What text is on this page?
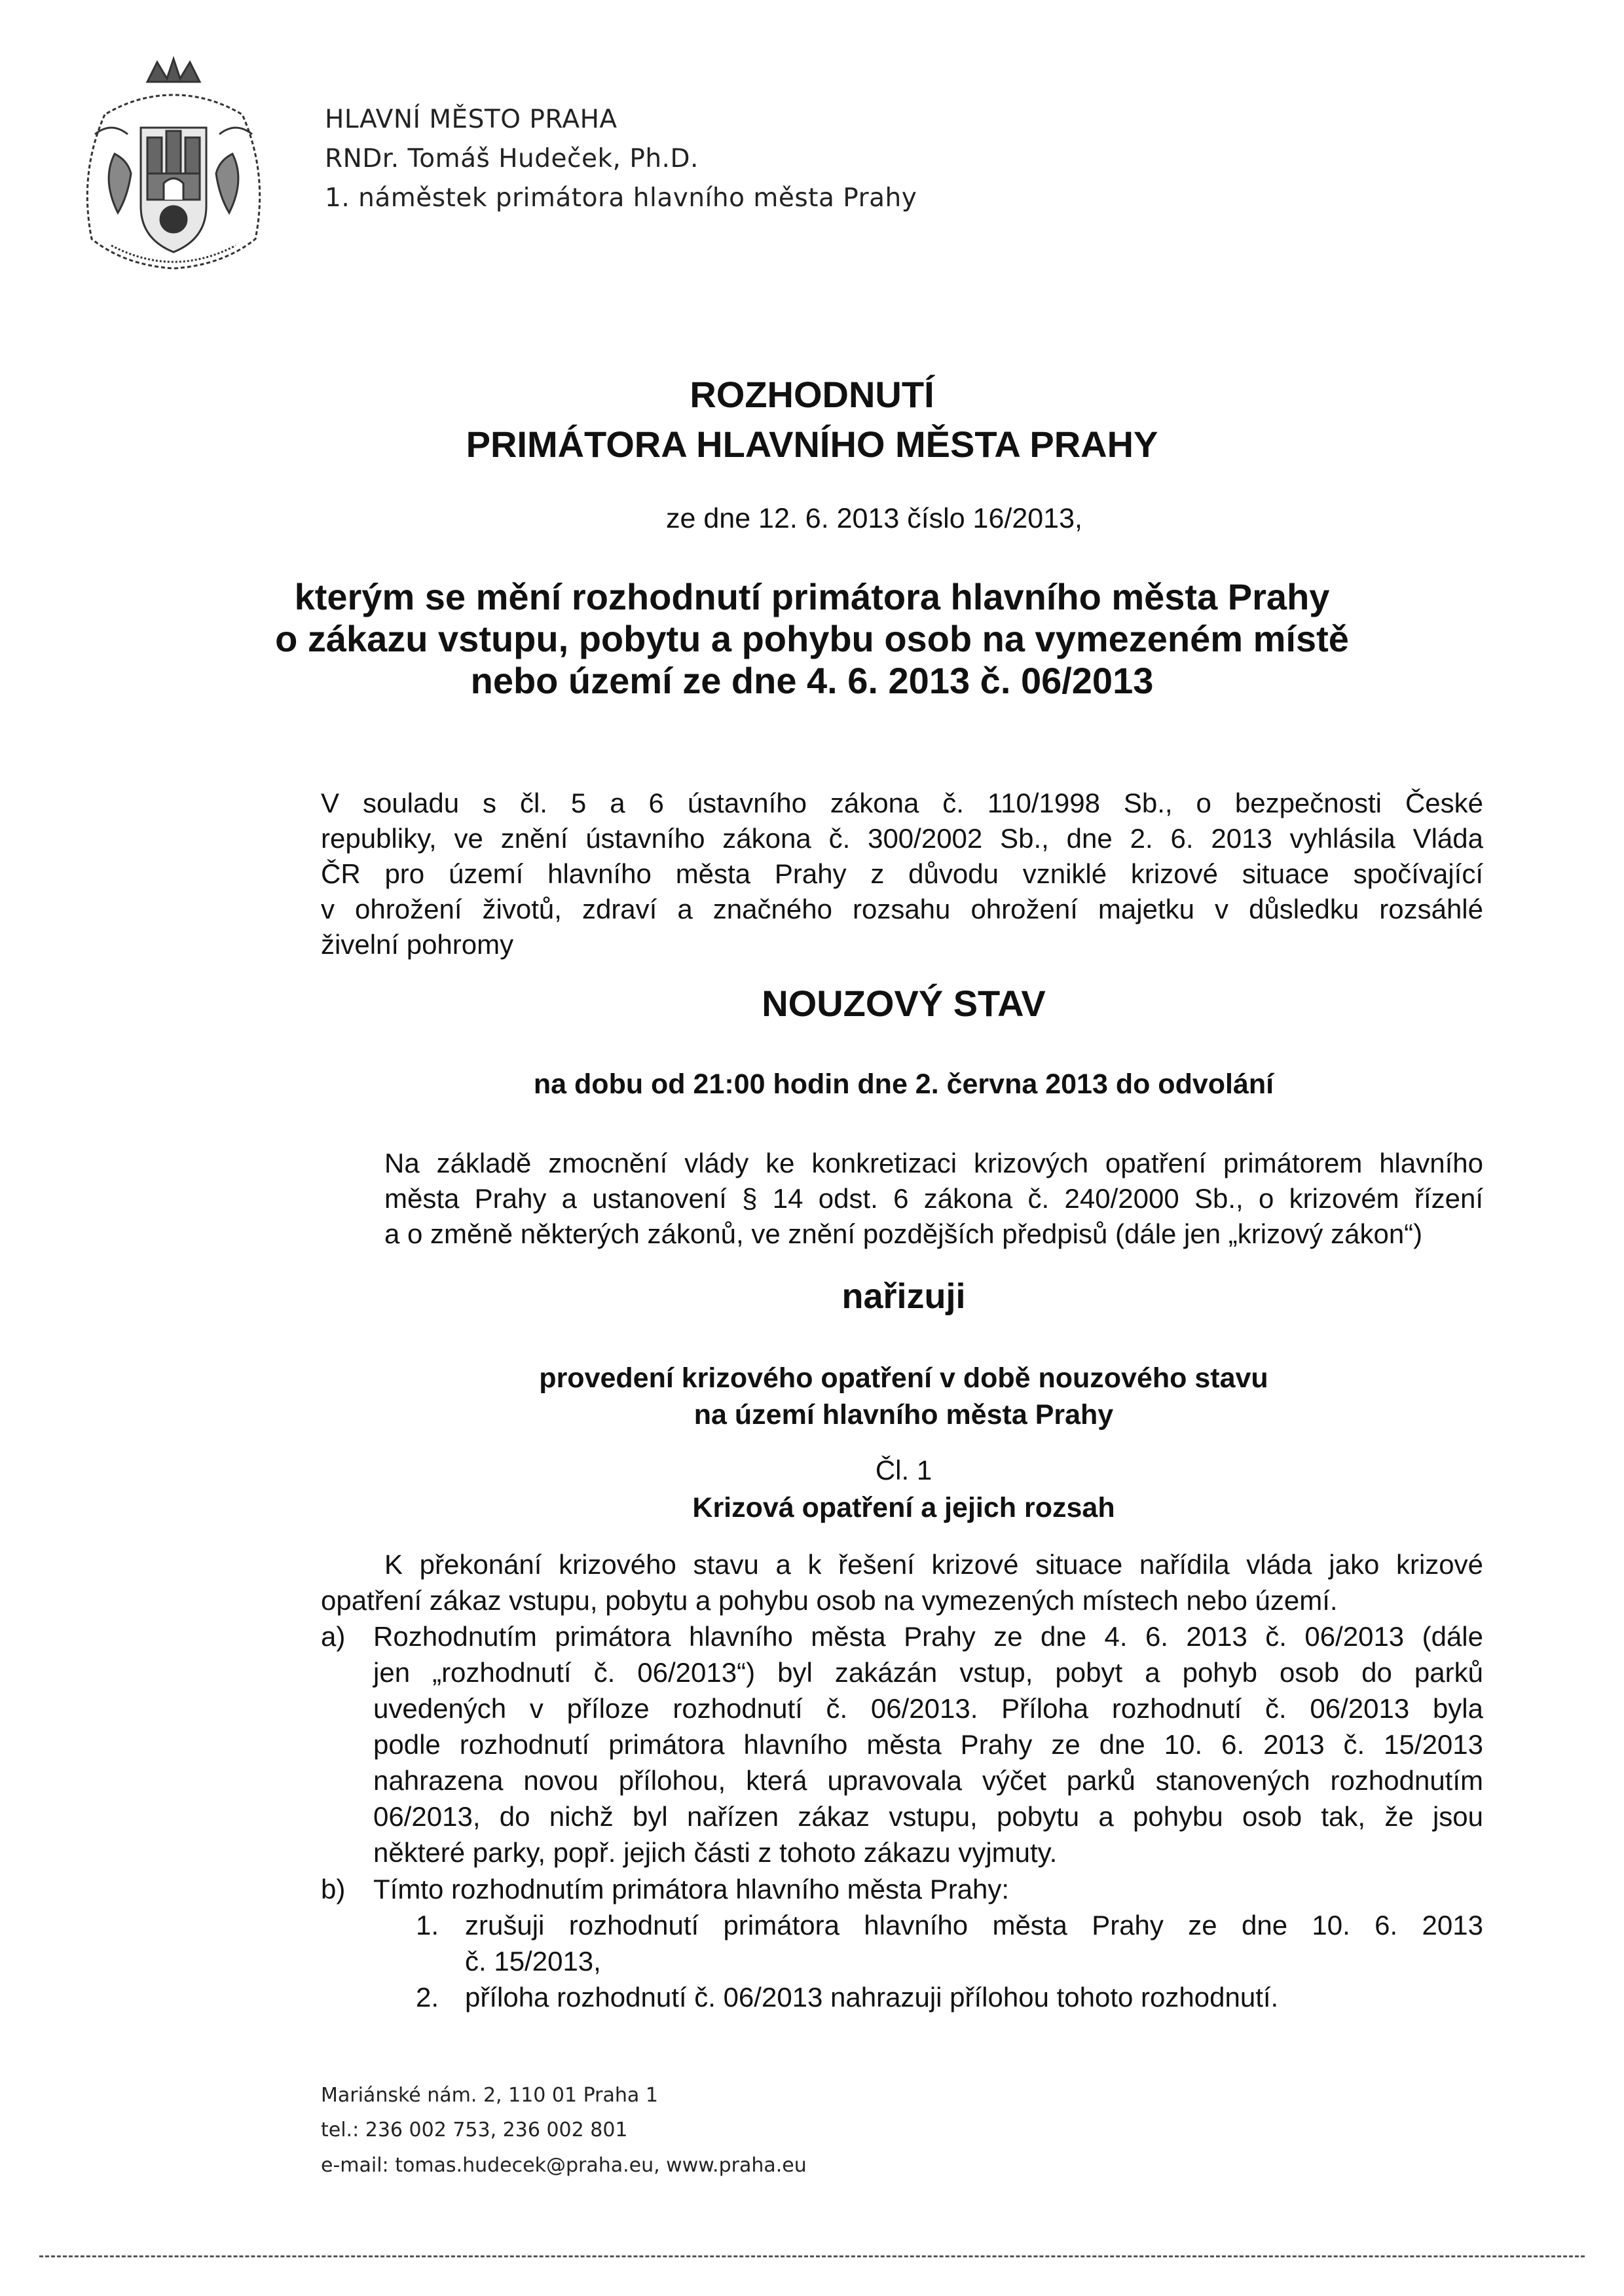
HLAVNÍ MĚSTO PRAHA
RNDr. Tomáš Hudeček, Ph.D.
1. náměstek primátora hlavního města Prahy
ROZHODNUTÍ
PRIMÁTORA HLAVNÍHO MĚSTA PRAHY
ze dne 12. 6. 2013 číslo 16/2013,
kterým se mění rozhodnutí primátora hlavního města Prahy
o zákazu vstupu, pobytu a pohybu osob na vymezeném místě
nebo území ze dne 4. 6. 2013 č. 06/2013
V souladu s čl. 5 a 6 ústavního zákona č. 110/1998 Sb., o bezpečnosti České
republiky, ve znění ústavního zákona č. 300/2002 Sb., dne 2. 6. 2013 vyhlásila Vláda
ČR pro území hlavního města Prahy z důvodu vzniklé krizové situace spočívající
v ohrožení životů, zdraví a značného rozsahu ohrožení majetku v důsledku rozsáhlé
živelní pohromy
NOUZOVÝ STAV
na dobu od 21:00 hodin dne 2. června 2013 do odvolání
Na základě zmocnění vlády ke konkretizaci krizových opatření primátorem hlavního
města Prahy a ustanovení § 14 odst. 6 zákona č. 240/2000 Sb., o krizovém řízení
a o změně některých zákonů, ve znění pozdějších předpisů (dále jen „krizový zákon“)
nařizuji
provedení krizového opatření v době nouzového stavu
na území hlavního města Prahy
Čl. 1
Krizová opatření a jejich rozsah
K překonání krizového stavu a k řešení krizové situace nařídila vláda jako krizové
opatření zákaz vstupu, pobytu a pohybu osob na vymezených místech nebo území.
a) Rozhodnutím primátora hlavního města Prahy ze dne 4. 6. 2013 č. 06/2013 (dále
jen „rozhodnutí č. 06/2013“) byl zakázán vstup, pobyt a pohyb osob do parků
uvedených v příloze rozhodnutí č. 06/2013. Příloha rozhodnutí č. 06/2013 byla
podle rozhodnutí primátora hlavního města Prahy ze dne 10. 6. 2013 č. 15/2013
nahrazena novou přílohou, která upravovala výčet parků stanovených rozhodnutím
06/2013, do nichž byl nařízen zákaz vstupu, pobytu a pohybu osob tak, že jsou
některé parky, popř. jejich části z tohoto zákazu vyjmuty.
b) Tímto rozhodnutím primátora hlavního města Prahy:
1. zrušuji rozhodnutí primátora hlavního města Prahy ze dne 10. 6. 2013
č. 15/2013,
2. příloha rozhodnutí č. 06/2013 nahrazuji přílohou tohoto rozhodnutí.
Mariánské nám. 2, 110 01 Praha 1
tel.: 236 002 753, 236 002 801
e-mail: tomas.hudecek@praha.eu, www.praha.eu
